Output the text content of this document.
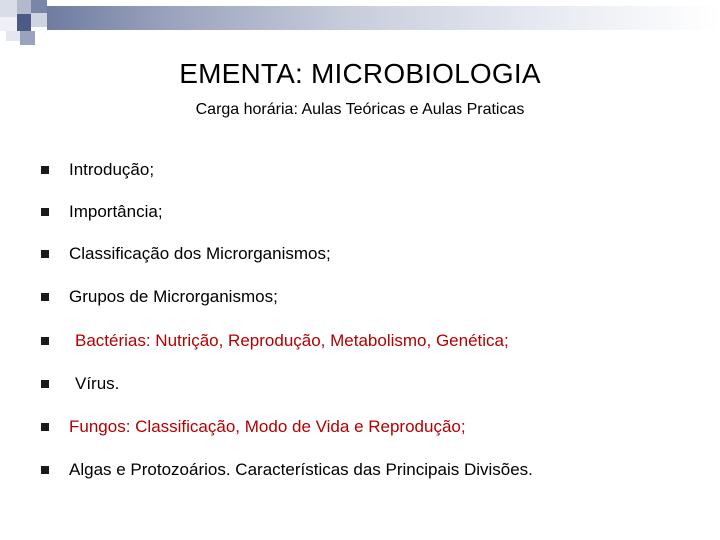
EMENTA: MICROBIOLOGIA
Carga horária: Aulas Teóricas e Aulas Praticas
Introdução;
Importância;
Classificação dos Microrganismos;
Grupos de Microrganismos;
Bactérias: Nutrição, Reprodução, Metabolismo, Genética;
Vírus.
Fungos: Classificação, Modo de Vida e Reprodução;
Algas e Protozoários. Características das Principais Divisões.
